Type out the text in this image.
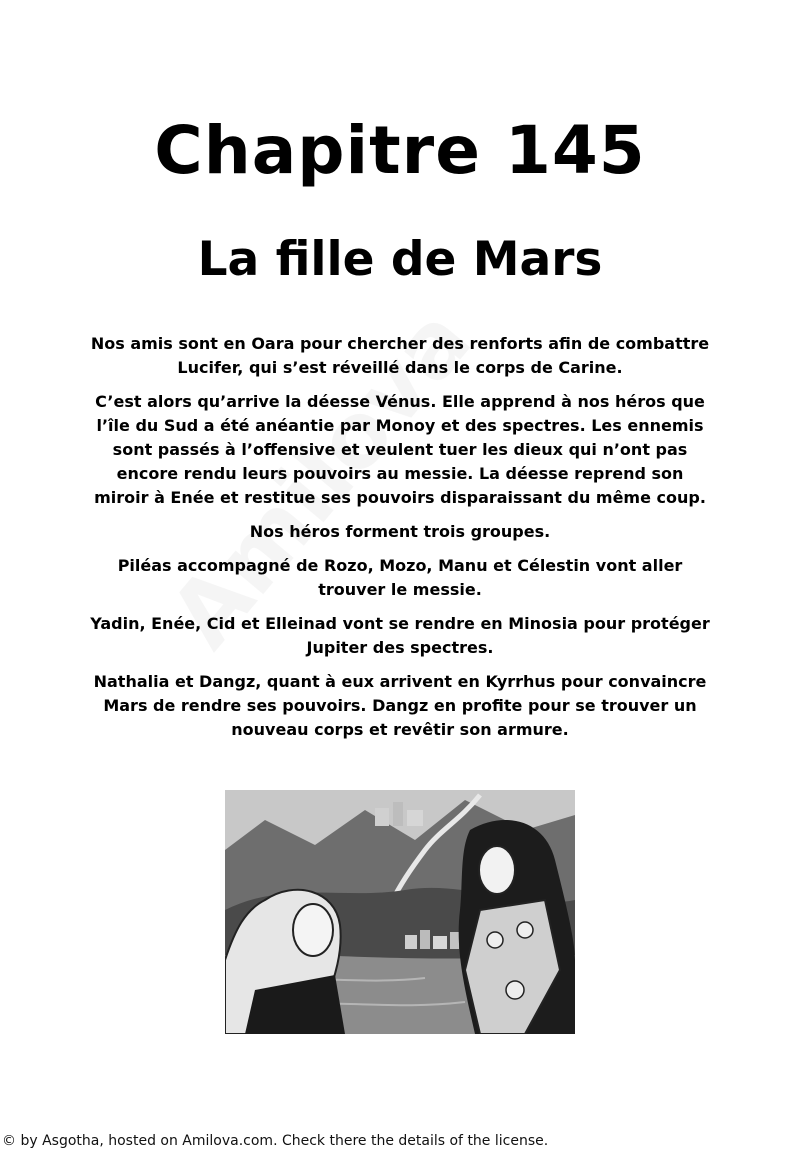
Chapitre 145
La fille de Mars

Nos amis sont en Oara pour chercher des renforts afin de combattre Lucifer, qui s’est réveillé dans le corps de Carine.

C’est alors qu’arrive la déesse Vénus. Elle apprend à nos héros que l’île du Sud a été anéantie par Monoy et des spectres. Les ennemis sont passés à l’offensive et veulent tuer les dieux qui n’ont pas encore rendu leurs pouvoirs au messie. La déesse reprend son miroir à Enée et restitue ses pouvoirs disparaissant du même coup.

Nos héros forment trois groupes.

Piléas accompagné de Rozo, Mozo, Manu et Célestin vont aller trouver le messie.

Yadin, Enée, Cid et Elleinad vont se rendre en Minosia pour protéger Jupiter des spectres.

Nathalia et Dangz, quant à eux arrivent en Kyrrhus pour convaincre Mars de rendre ses pouvoirs. Dangz en profite pour se trouver un nouveau corps et revêtir son armure.

© by Asgotha, hosted on Amilova.com. Check there the details of the license.
